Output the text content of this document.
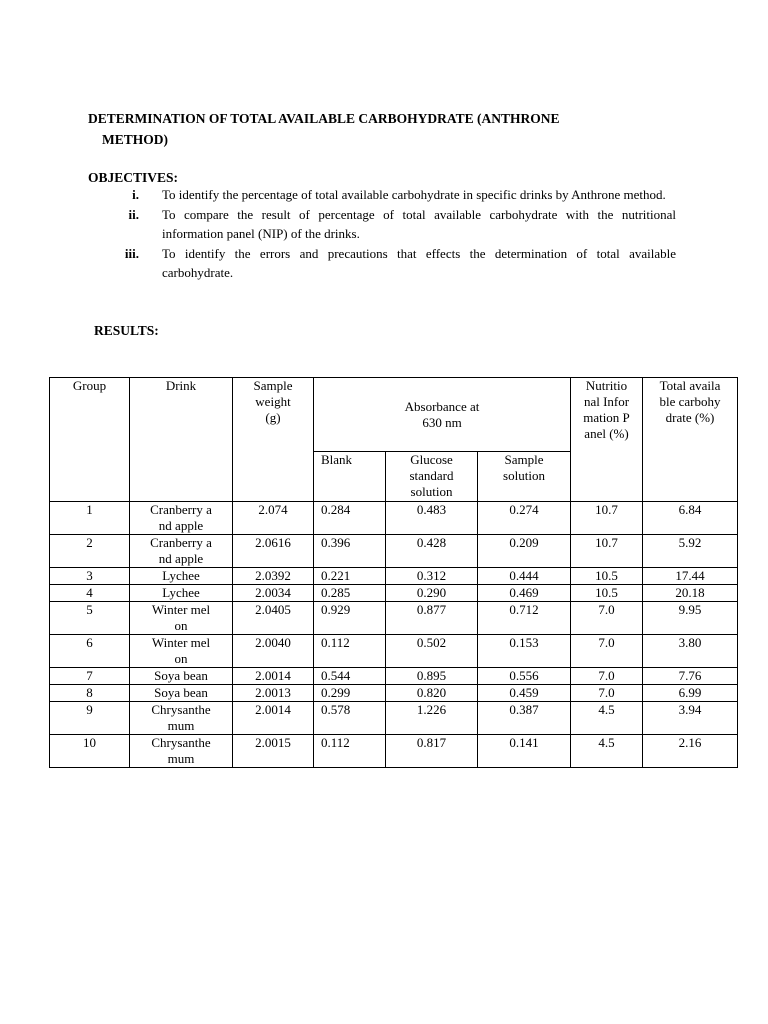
DETERMINATION OF TOTAL AVAILABLE CARBOHYDRATE (ANTHRONE
METHOD)
OBJECTIVES:
i.	To identify the percentage of total available carbohydrate in specific drinks by Anthrone method.
ii.	To compare the result of percentage of total available carbohydrate with the nutritional information panel (NIP) of the drinks.
iii.	To identify the errors and precautions that effects the determination of total available carbohydrate.
RESULTS:
Group	Drink	Sample weight (g)	Absorbance at 630 nm			Nutritional Information Panel (%)	Total available carbohydrate (%)
			Blank	Glucose standard solution	Sample solution		
1	Cranberry and apple	2.074	0.284	0.483	0.274	10.7	6.84
2	Cranberry and apple	2.0616	0.396	0.428	0.209	10.7	5.92
3	Lychee	2.0392	0.221	0.312	0.444	10.5	17.44
4	Lychee	2.0034	0.285	0.290	0.469	10.5	20.18
5	Winter melon	2.0405	0.929	0.877	0.712	7.0	9.95
6	Winter melon	2.0040	0.112	0.502	0.153	7.0	3.80
7	Soya bean	2.0014	0.544	0.895	0.556	7.0	7.76
8	Soya bean	2.0013	0.299	0.820	0.459	7.0	6.99
9	Chrysanthemum	2.0014	0.578	1.226	0.387	4.5	3.94
10	Chrysanthemum	2.0015	0.112	0.817	0.141	4.5	2.16
